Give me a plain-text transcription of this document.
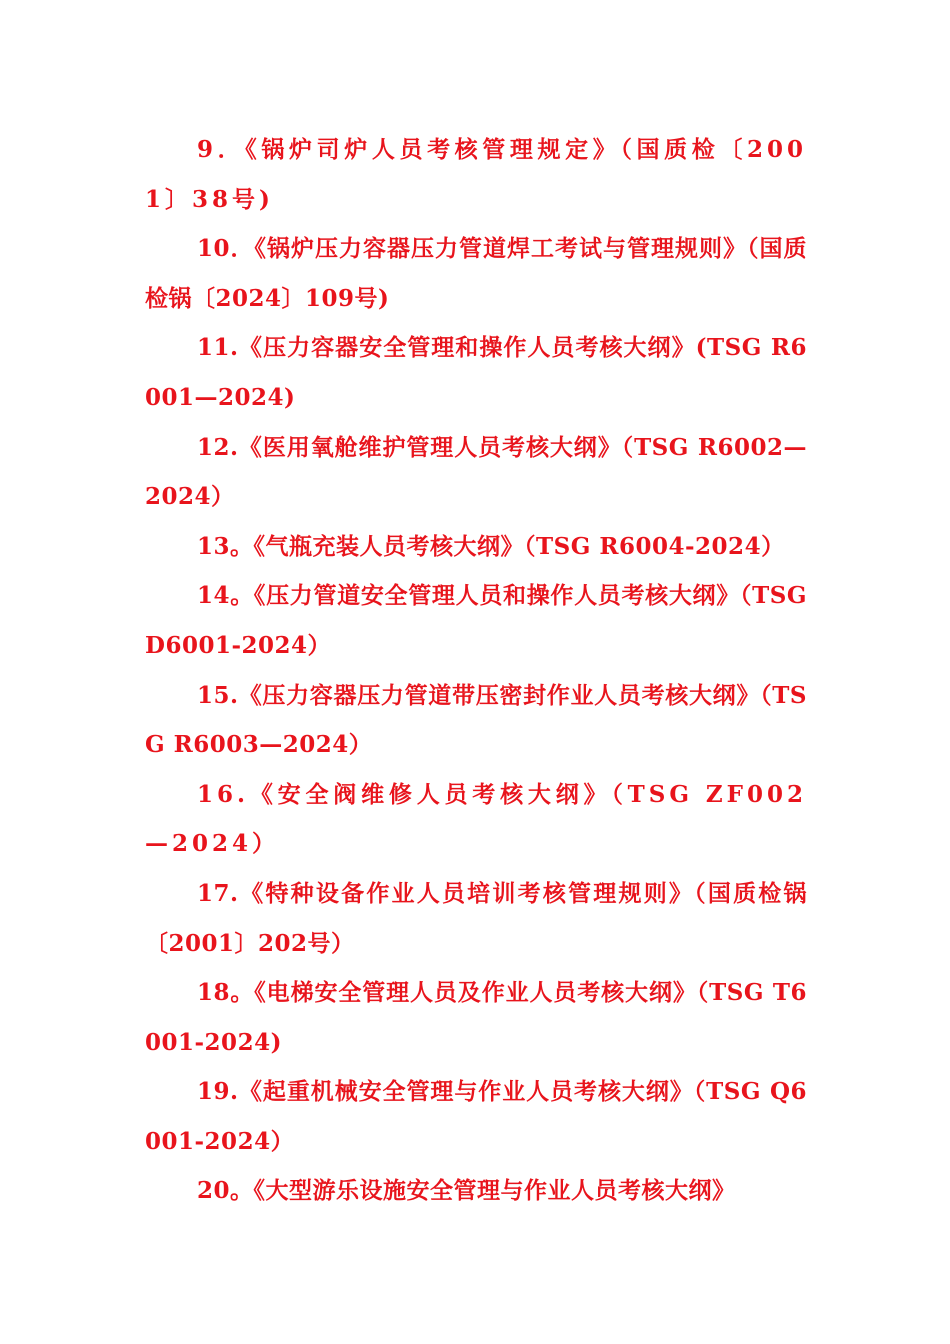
9．《锅炉司炉人员考核管理规定》（国质检〔2001〕38号)

10．《锅炉压力容器压力管道焊工考试与管理规则》（国质检锅〔2024〕109号)

11.《压力容器安全管理和操作人员考核大纲》(TSG R6001—2024)

12.《医用氧舱维护管理人员考核大纲》（TSG R6002—2024）

13。《气瓶充装人员考核大纲》（TSG R6004-2024）

14。《压力管道安全管理人员和操作人员考核大纲》（TSG D6001-2024）

15.《压力容器压力管道带压密封作业人员考核大纲》（TSG R6003—2024）

16.《安全阀维修人员考核大纲》（TSG ZF002—2024）

17.《特种设备作业人员培训考核管理规则》（国质检锅〔2001〕202号）

18。《电梯安全管理人员及作业人员考核大纲》（TSG T6001-2024)

19.《起重机械安全管理与作业人员考核大纲》（TSG Q6001-2024）

20。《大型游乐设施安全管理与作业人员考核大纲》
